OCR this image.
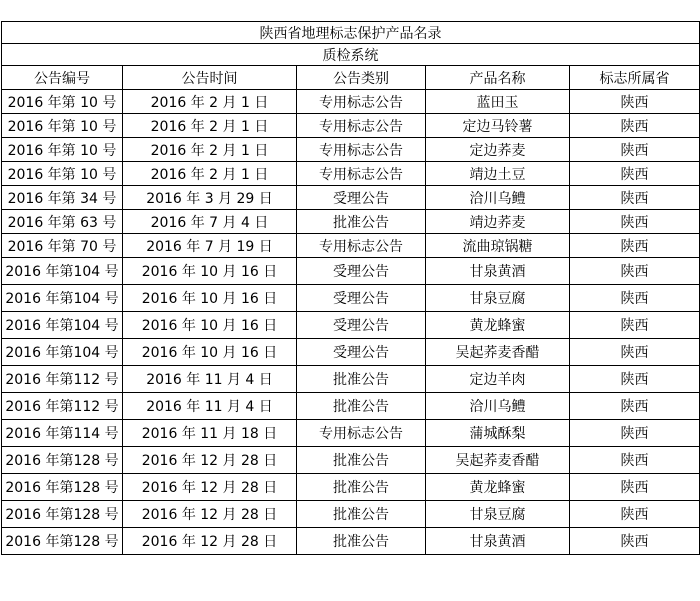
陕西省地理标志保护产品名录				
质检系统				
公告编号	公告时间	公告类别	产品名称	标志所属省
2016 年第 10 号	2016 年 2 月 1 日	专用标志公告	蓝田玉	陕西
2016 年第 10 号	2016 年 2 月 1 日	专用标志公告	定边马铃薯	陕西
2016 年第 10 号	2016 年 2 月 1 日	专用标志公告	定边荞麦	陕西
2016 年第 10 号	2016 年 2 月 1 日	专用标志公告	靖边土豆	陕西
2016 年第 34 号	2016 年 3 月 29 日	受理公告	洽川乌鳢	陕西
2016 年第 63 号	2016 年 7 月 4 日	批准公告	靖边荞麦	陕西
2016 年第 70 号	2016 年 7 月 19 日	专用标志公告	流曲琼锅糖	陕西
2016 年第104 号	2016 年 10 月 16 日	受理公告	甘泉黄酒	陕西
2016 年第104 号	2016 年 10 月 16 日	受理公告	甘泉豆腐	陕西
2016 年第104 号	2016 年 10 月 16 日	受理公告	黄龙蜂蜜	陕西
2016 年第104 号	2016 年 10 月 16 日	受理公告	吴起荞麦香醋	陕西
2016 年第112 号	2016 年 11 月 4 日	批准公告	定边羊肉	陕西
2016 年第112 号	2016 年 11 月 4 日	批准公告	洽川乌鳢	陕西
2016 年第114 号	2016 年 11 月 18 日	专用标志公告	蒲城酥梨	陕西
2016 年第128 号	2016 年 12 月 28 日	批准公告	吴起荞麦香醋	陕西
2016 年第128 号	2016 年 12 月 28 日	批准公告	黄龙蜂蜜	陕西
2016 年第128 号	2016 年 12 月 28 日	批准公告	甘泉豆腐	陕西
2016 年第128 号	2016 年 12 月 28 日	批准公告	甘泉黄酒	陕西
